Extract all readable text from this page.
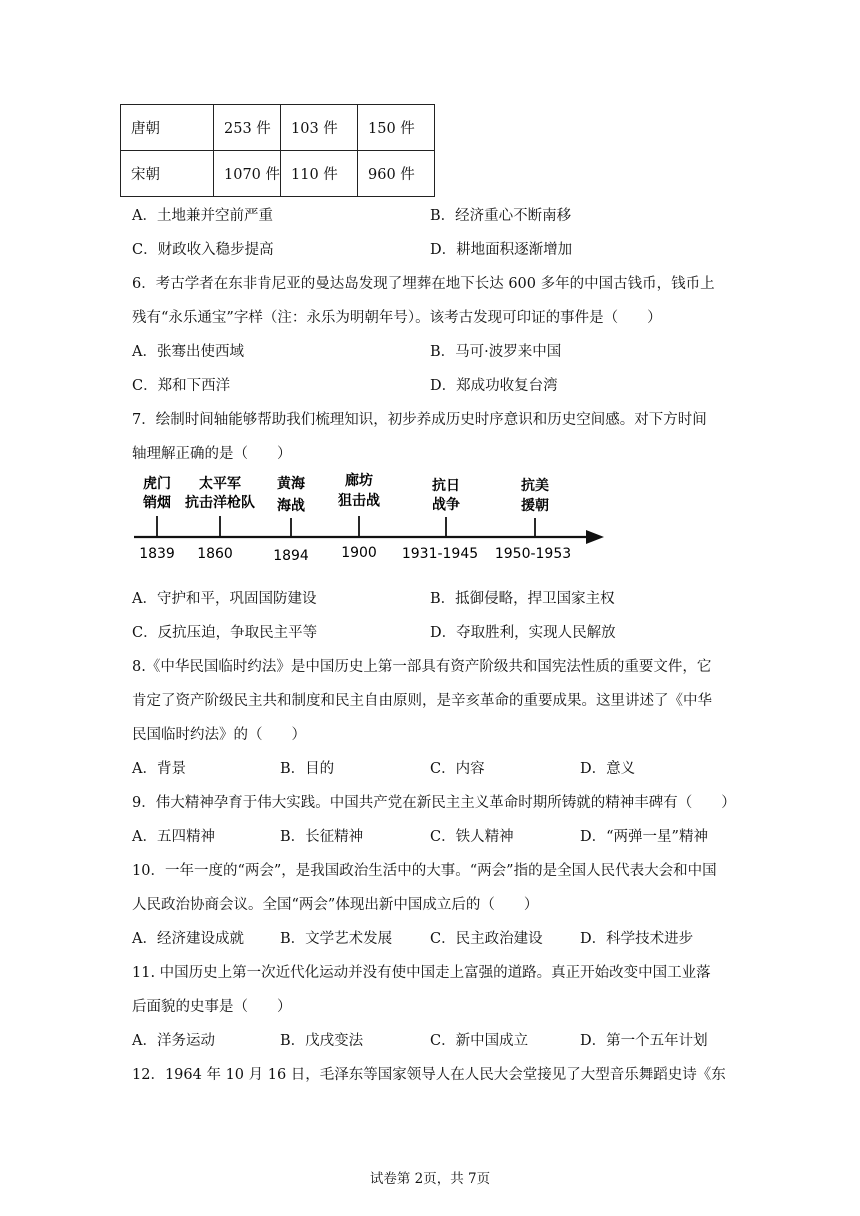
唐朝	253 件	103 件	150 件
宋朝	1070 件	110 件	960 件
A．土地兼并空前严重	B．经济重心不断南移
C．财政收入稳步提高	D．耕地面积逐渐增加
6．考古学者在东非肯尼亚的曼达岛发现了埋葬在地下长达 600 多年的中国古钱币，钱币上
残有“永乐通宝”字样（注：永乐为明朝年号）。该考古发现可印证的事件是（　　）
A．张骞出使西域	B．马可·波罗来中国
C．郑和下西洋	D．郑成功收复台湾
7．绘制时间轴能够帮助我们梳理知识，初步养成历史时序意识和历史空间感。对下方时间
轴理解正确的是（　　）
虎门
销烟
1839
太平军
抗击洋枪队
1860
黄海
海战
1894
廊坊
狙击战
1900
抗日
战争
1931-1945
抗美
援朝
1950-1953
A．守护和平，巩固国防建设	B．抵御侵略，捍卫国家主权
C．反抗压迫，争取民主平等	D．夺取胜利，实现人民解放
8.《中华民国临时约法》是中国历史上第一部具有资产阶级共和国宪法性质的重要文件，它
肯定了资产阶级民主共和制度和民主自由原则，是辛亥革命的重要成果。这里讲述了《中华
民国临时约法》的（　　）
A．背景	B．目的	C．内容	D．意义
9．伟大精神孕育于伟大实践。中国共产党在新民主主义革命时期所铸就的精神丰碑有（　　）
A．五四精神	B．长征精神	C．铁人精神	D．“两弹一星”精神
10．一年一度的“两会”，是我国政治生活中的大事。“两会”指的是全国人民代表大会和中国
人民政治协商会议。全国“两会”体现出新中国成立后的（　　）
A．经济建设成就 B．文学艺术发展	C．民主政治建设	D．科学技术进步
11. 中国历史上第一次近代化运动并没有使中国走上富强的道路。真正开始改变中国工业落
后面貌的史事是（　　）
A．洋务运动	B．戊戌变法	C．新中国成立	D．第一个五年计划
12．1964 年 10 月 16 日，毛泽东等国家领导人在人民大会堂接见了大型音乐舞蹈史诗《东
试卷第 2页，共 7页
